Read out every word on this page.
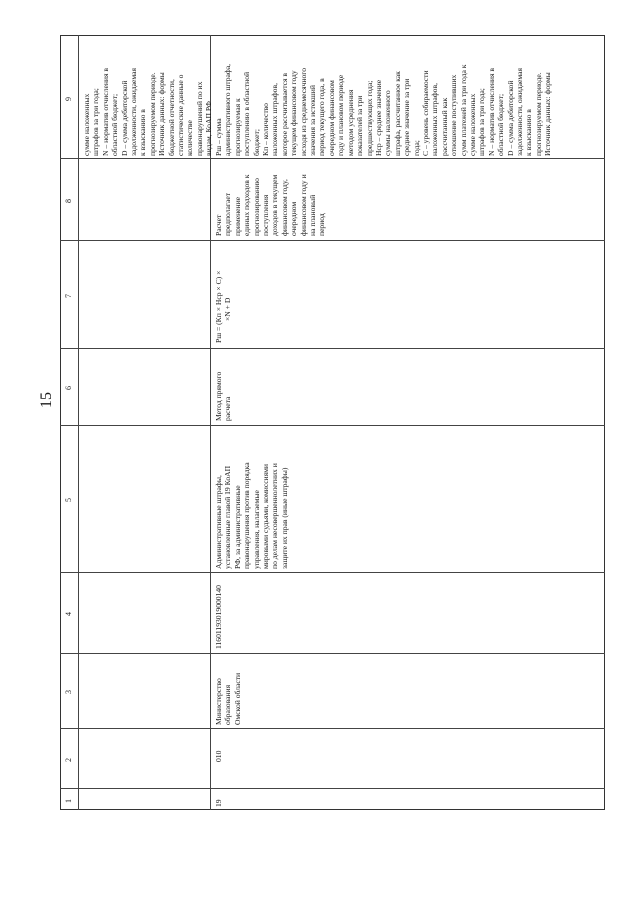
15
9
8
7
6
5
4
3
2
1
сумме наложенных штрафов за три года; N – норматив отчисления в областной бюджет; D – сумма дебиторской задолженности, ожидаемая к взысканию в прогнозируемом периоде. Источник данных: формы бюджетной отчетности, статистические данные о количестве правонарушений по их видам, КоАП РФ
19
010
Министерство образования Омской области
11601193019000140
Административные штрафы, установленные главой 19 КоАП РФ, за административные правонарушения против порядка управления, налагаемые мировыми судьями, комиссиями по делам несовершеннолетних и защите их прав (иные штрафы)
Метод прямого расчета
Рш = (Кп × Нср × С) × ×N + D
Расчет предполагает применение единых подходов к прогнозированию поступления доходов в текущем финансовом году, очередном финансовом году и на плановый период
Рш – сумма административного штрафа, прогнозируемая к поступлению в областной бюджет; Кп – количество наложенных штрафов, которое рассчитывается в текущем финансовом году исходя из среднемесячного значения за истекший период текущего года, в очередном финансовом году и плановом периоде методом усреднения показателей за три предшествующих года; Нср – среднее значение суммы наложенного штрафа, рассчитанное как среднее значение за три года; С – уровень собираемости наложенных штрафов, рассчитанный как отношение поступивших сумм платежей за три года к сумме наложенных штрафов за три года; N – норматив отчисления в областной бюджет; D – сумма дебиторской задолженности, ожидаемая к взысканию в прогнозируемом периоде. Источник данных: формы
